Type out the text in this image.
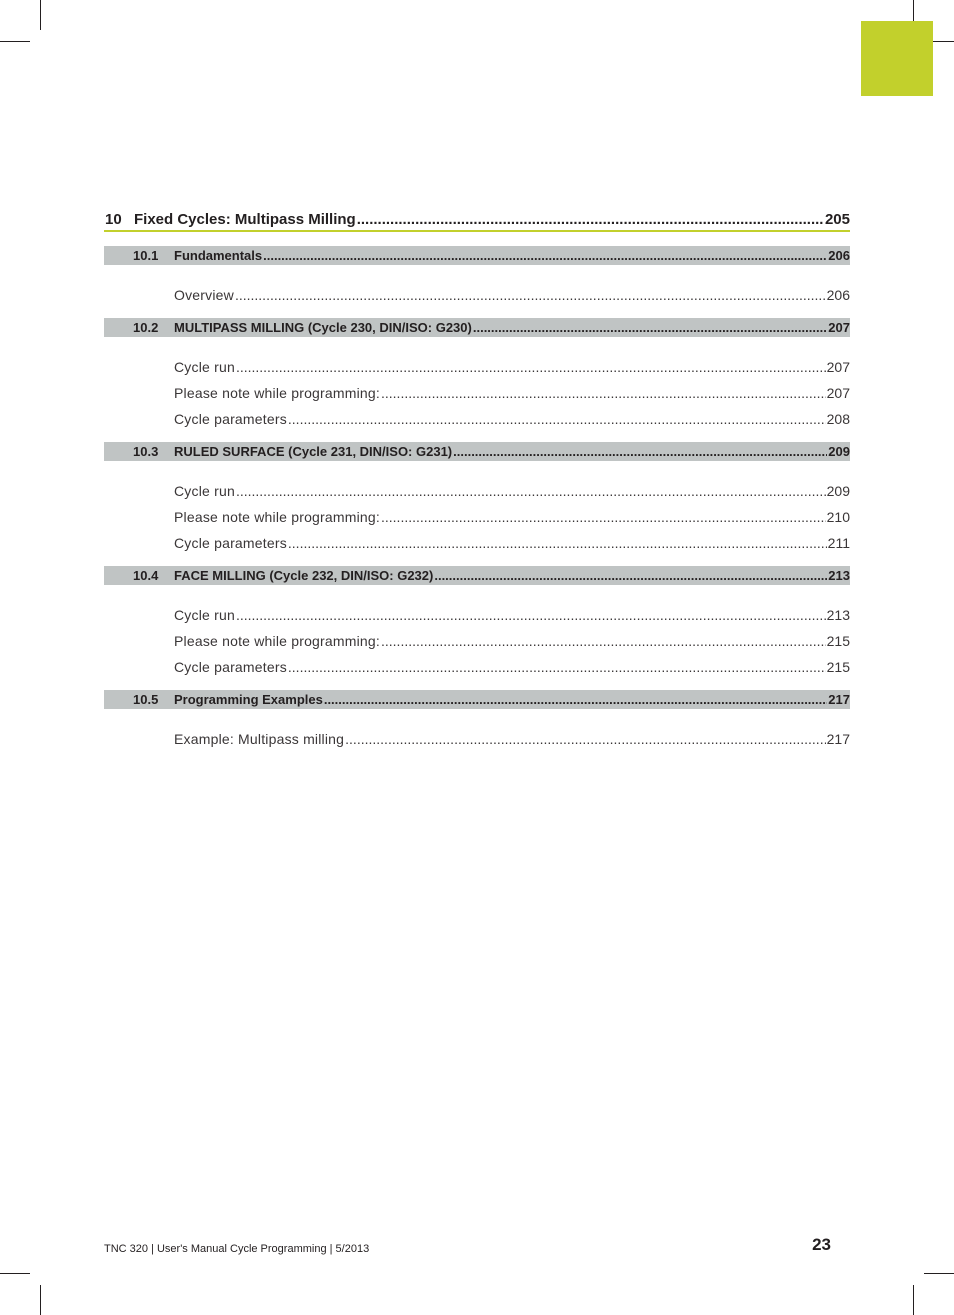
10 Fixed Cycles: Multipass Milling .....	205
10.1	Fundamentals .....	206
Overview .....	206
10.2	MULTIPASS MILLING (Cycle 230, DIN/ISO: G230) .....	207
Cycle run .....	207
Please note while programming: .....	207
Cycle parameters .....	208
10.3	RULED SURFACE (Cycle 231, DIN/ISO: G231) .....	209
Cycle run .....	209
Please note while programming: .....	210
Cycle parameters .....	211
10.4	FACE MILLING (Cycle 232, DIN/ISO: G232) .....	213
Cycle run .....	213
Please note while programming: .....	215
Cycle parameters .....	215
10.5	Programming Examples .....	217
Example: Multipass milling .....	217
TNC 320 | User's Manual Cycle Programming | 5/2013	23
